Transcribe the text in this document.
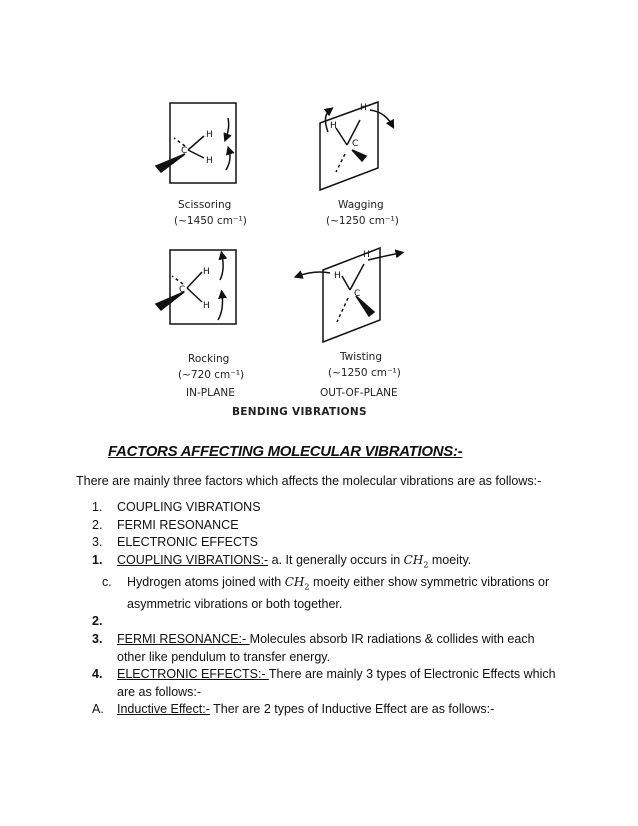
C
H
H
C
H
H
C
H
H
C
H
H
Scissoring
(~1450 cm⁻¹)
Wagging
(~1250 cm⁻¹)
Rocking
(~720 cm⁻¹)
Twisting
(~1250 cm⁻¹)
IN-PLANE	OUT-OF-PLANE
BENDING VIBRATIONS
FACTORS AFFECTING MOLECULAR VIBRATIONS:-
There are mainly three factors which affects the molecular vibrations are as follows:-
1. COUPLING VIBRATIONS
2. FERMI RESONANCE
3. ELECTRONIC EFFECTS
1. COUPLING VIBRATIONS:- a. It generally occurs in $CH_2$ moeity.
c. Hydrogen atoms joined with $CH_2$ moeity either show symmetric vibrations or asymmetric vibrations or both together.
2.
3. FERMI RESONANCE:- Molecules absorb IR radiations & collides with each other like pendulum to transfer energy.
4. ELECTRONIC EFFECTS:- There are mainly 3 types of Electronic Effects which are as follows:-
A. Inductive Effect:- Ther are 2 types of Inductive Effect are as follows:-
